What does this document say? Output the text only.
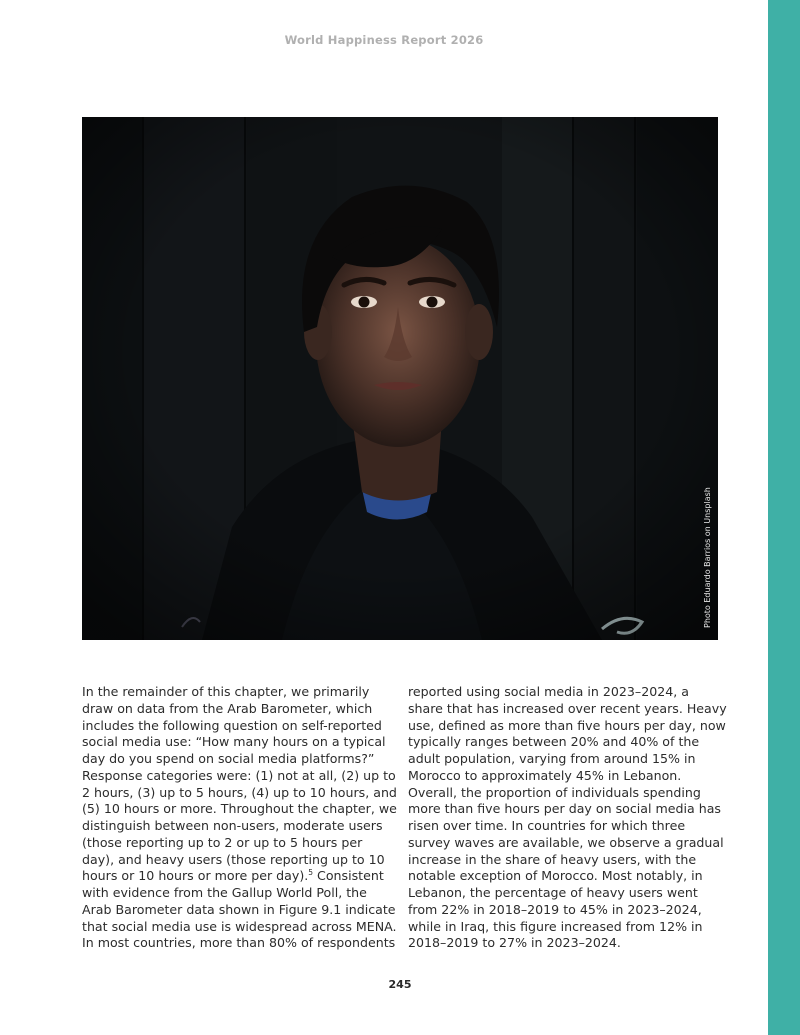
World Happiness Report 2026
Photo Eduardo Barrios on Unsplash
In the remainder of this chapter, we primarily
draw on data from the Arab Barometer, which
includes the following question on self-reported
social media use: “How many hours on a typical
day do you spend on social media platforms?”
Response categories were: (1) not at all, (2) up to
2 hours, (3) up to 5 hours, (4) up to 10 hours, and
(5) 10 hours or more. Throughout the chapter, we
distinguish between non-users, moderate users
(those reporting up to 2 or up to 5 hours per
day), and heavy users (those reporting up to 10
hours or 10 hours or more per day).$^5$ Consistent
with evidence from the Gallup World Poll, the
Arab Barometer data shown in Figure 9.1 indicate
that social media use is widespread across MENA.
In most countries, more than 80% of respondents
reported using social media in 2023–2024, a
share that has increased over recent years. Heavy
use, defined as more than five hours per day, now
typically ranges between 20% and 40% of the
adult population, varying from around 15% in
Morocco to approximately 45% in Lebanon.
Overall, the proportion of individuals spending
more than five hours per day on social media has
risen over time. In countries for which three
survey waves are available, we observe a gradual
increase in the share of heavy users, with the
notable exception of Morocco. Most notably, in
Lebanon, the percentage of heavy users went
from 22% in 2018–2019 to 45% in 2023–2024,
while in Iraq, this figure increased from 12% in
2018–2019 to 27% in 2023–2024.
245
